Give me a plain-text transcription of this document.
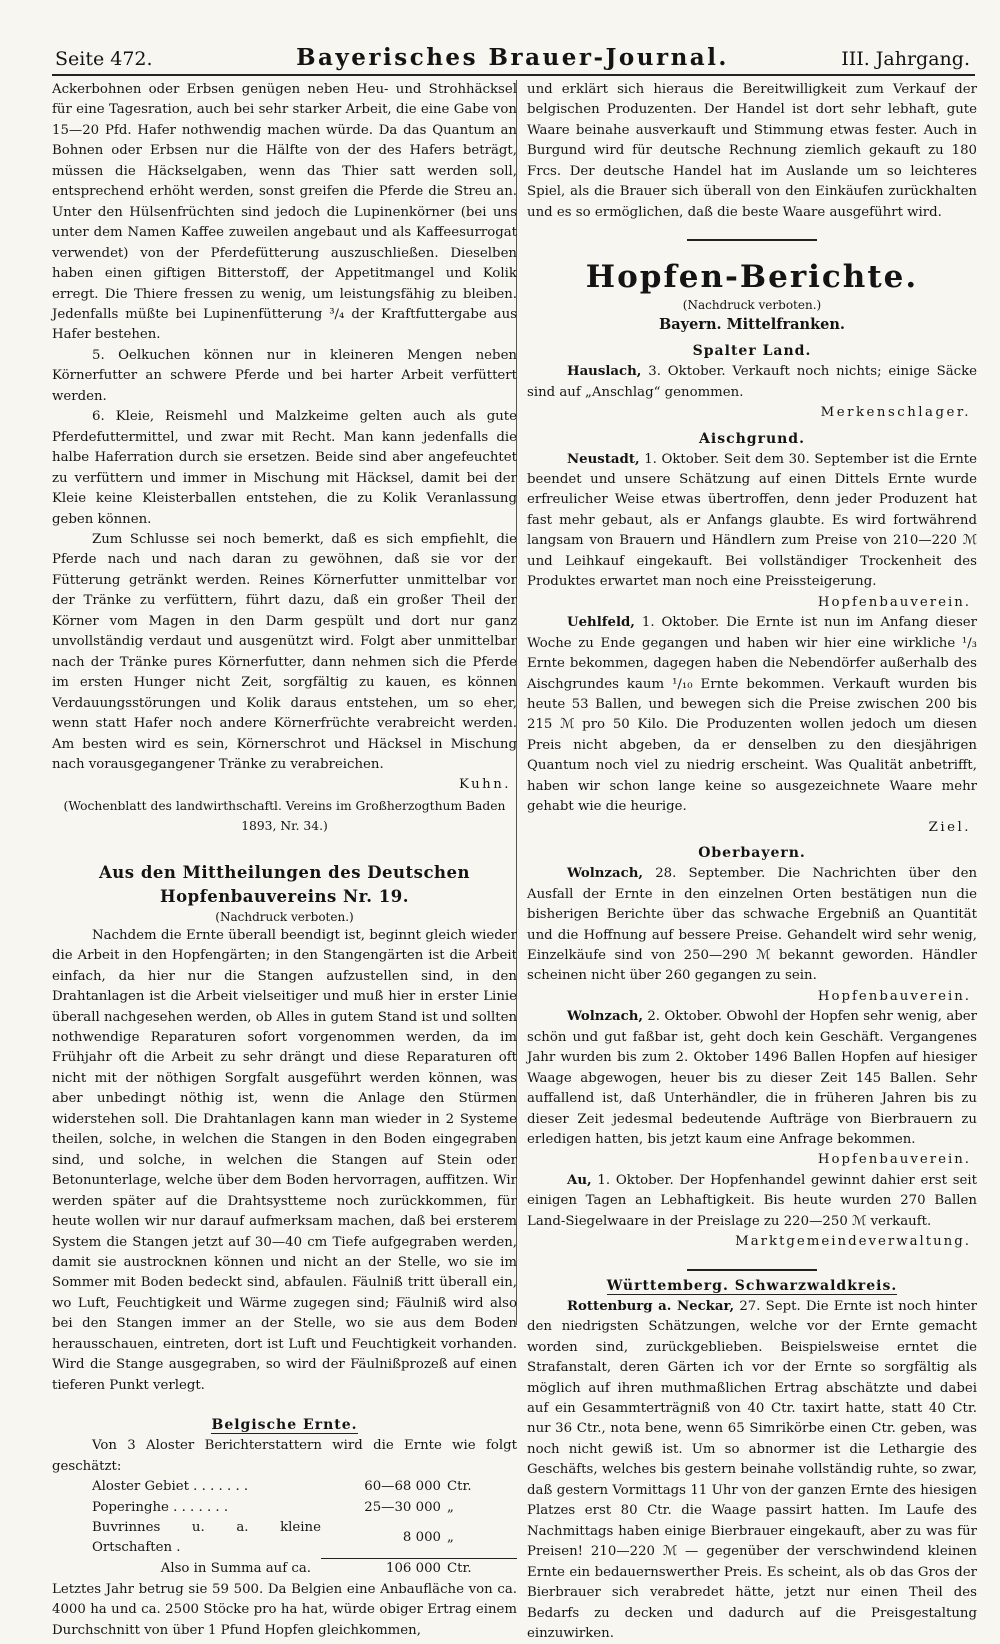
Seite 472.	Bayerisches Brauer-Journal.	III. Jahrgang.

Ackerbohnen oder Erbsen genügen neben Heu- und Strohhäcksel für eine Tagesration, auch bei sehr starker Arbeit, die eine Gabe von 15—20 Pfd. Hafer nothwendig machen würde. Da das Quantum an Bohnen oder Erbsen nur die Hälfte von der des Hafers beträgt, müssen die Häckselgaben, wenn das Thier satt werden soll, entsprechend erhöht werden, sonst greifen die Pferde die Streu an. Unter den Hülsenfrüchten sind jedoch die Lupinenkörner (bei uns unter dem Namen Kaffee zuweilen angebaut und als Kaffeesurrogat verwendet) von der Pferdefütterung auszuschließen. Dieselben haben einen giftigen Bitterstoff, der Appetitmangel und Kolik erregt. Die Thiere fressen zu wenig, um leistungsfähig zu bleiben. Jedenfalls müßte bei Lupinenfütterung ³/₄ der Kraftfuttergabe aus Hafer bestehen.

5. Oelkuchen können nur in kleineren Mengen neben Körnerfutter an schwere Pferde und bei harter Arbeit verfüttert werden.

6. Kleie, Reismehl und Malzkeime gelten auch als gute Pferdefuttermittel, und zwar mit Recht. Man kann jedenfalls die halbe Haferration durch sie ersetzen. Beide sind aber angefeuchtet zu verfüttern und immer in Mischung mit Häcksel, damit bei der Kleie keine Kleisterballen entstehen, die zu Kolik Veranlassung geben können.

Zum Schlusse sei noch bemerkt, daß es sich empfiehlt, die Pferde nach und nach daran zu gewöhnen, daß sie vor der Fütterung getränkt werden. Reines Körnerfutter unmittelbar vor der Tränke zu verfüttern, führt dazu, daß ein großer Theil der Körner vom Magen in den Darm gespült und dort nur ganz unvollständig verdaut und ausgenützt wird. Folgt aber unmittelbar nach der Tränke pures Körnerfutter, dann nehmen sich die Pferde im ersten Hunger nicht Zeit, sorgfältig zu kauen, es können Verdauungsstörungen und Kolik daraus entstehen, um so eher, wenn statt Hafer noch andere Körnerfrüchte verabreicht werden. Am besten wird es sein, Körnerschrot und Häcksel in Mischung nach vorausgegangener Tränke zu verabreichen.

Kuhn.

(Wochenblatt des landwirthschaftl. Vereins im Großherzogthum Baden

1893, Nr. 34.)

Aus den Mittheilungen des Deutschen Hopfenbauvereins Nr. 19.

(Nachdruck verboten.)

Nachdem die Ernte überall beendigt ist, beginnt gleich wieder die Arbeit in den Hopfengärten; in den Stangengärten ist die Arbeit einfach, da hier nur die Stangen aufzustellen sind, in den Drahtanlagen ist die Arbeit vielseitiger und muß hier in erster Linie überall nachgesehen werden, ob Alles in gutem Stand ist und sollten nothwendige Reparaturen sofort vorgenommen werden, da im Frühjahr oft die Arbeit zu sehr drängt und diese Reparaturen oft nicht mit der nöthigen Sorgfalt ausgeführt werden können, was aber unbedingt nöthig ist, wenn die Anlage den Stürmen widerstehen soll. Die Drahtanlagen kann man wieder in 2 Systeme theilen, solche, in welchen die Stangen in den Boden eingegraben sind, und solche, in welchen die Stangen auf Stein oder Betonunterlage, welche über dem Boden hervorragen, auffitzen. Wir werden später auf die Drahtsystteme noch zurückkommen, für heute wollen wir nur darauf aufmerksam machen, daß bei ersterem System die Stangen jetzt auf 30—40 cm Tiefe aufgegraben werden, damit sie austrocknen können und nicht an der Stelle, wo sie im Sommer mit Boden bedeckt sind, abfaulen. Fäulniß tritt überall ein, wo Luft, Feuchtigkeit und Wärme zugegen sind; Fäulniß wird also bei den Stangen immer an der Stelle, wo sie aus dem Boden herausschauen, eintreten, dort ist Luft und Feuchtigkeit vorhanden. Wird die Stange ausgegraben, so wird der Fäulnißprozeß auf einen tieferen Punkt verlegt.

Belgische Ernte.

Von 3 Aloster Berichterstattern wird die Ernte wie folgt geschätzt:

Aloster Gebiet . . . . . . .	60—68 000	Ctr.
Poperinghe . . . . . . .	25—30 000	„
Buvrinnes u. a. kleine Ortschaften .	8 000	„
Also in Summa auf ca.	106 000	Ctr.

Letztes Jahr betrug sie 59 500. Da Belgien eine Anbaufläche von ca. 4000 ha und ca. 2500 Stöcke pro ha hat, würde obiger Ertrag einem Durchschnitt von über 1 Pfund Hopfen gleichkommen,

und erklärt sich hieraus die Bereitwilligkeit zum Verkauf der belgischen Produzenten. Der Handel ist dort sehr lebhaft, gute Waare beinahe ausverkauft und Stimmung etwas fester. Auch in Burgund wird für deutsche Rechnung ziemlich gekauft zu 180 Frcs. Der deutsche Handel hat im Auslande um so leichteres Spiel, als die Brauer sich überall von den Einkäufen zurückhalten und es so ermöglichen, daß die beste Waare ausgeführt wird.

Hopfen-Berichte.

(Nachdruck verboten.)

Bayern. Mittelfranken.
Spalter Land.

Hauslach, 3. Oktober. Verkauft noch nichts; einige Säcke sind auf „Anschlag“ genommen.

Merkenschlager.

Aischgrund.

Neustadt, 1. Oktober. Seit dem 30. September ist die Ernte beendet und unsere Schätzung auf einen Dittels Ernte wurde erfreulicher Weise etwas übertroffen, denn jeder Produzent hat fast mehr gebaut, als er Anfangs glaubte. Es wird fortwährend langsam von Brauern und Händlern zum Preise von 210—220 ℳ und Leihkauf eingekauft. Bei vollständiger Trockenheit des Produktes erwartet man noch eine Preissteigerung.

Hopfenbauverein.

Uehlfeld, 1. Oktober. Die Ernte ist nun im Anfang dieser Woche zu Ende gegangen und haben wir hier eine wirkliche ¹/₃ Ernte bekommen, dagegen haben die Nebendörfer außerhalb des Aischgrundes kaum ¹/₁₀ Ernte bekommen. Verkauft wurden bis heute 53 Ballen, und bewegen sich die Preise zwischen 200 bis 215 ℳ pro 50 Kilo. Die Produzenten wollen jedoch um diesen Preis nicht abgeben, da er denselben zu den diesjährigen Quantum noch viel zu niedrig erscheint. Was Qualität anbetrifft, haben wir schon lange keine so ausgezeichnete Waare mehr gehabt wie die heurige.

Ziel.

Oberbayern.

Wolnzach, 28. September. Die Nachrichten über den Ausfall der Ernte in den einzelnen Orten bestätigen nun die bisherigen Berichte über das schwache Ergebniß an Quantität und die Hoffnung auf bessere Preise. Gehandelt wird sehr wenig, Einzelkäufe sind von 250—290 ℳ bekannt geworden. Händler scheinen nicht über 260 gegangen zu sein.

Hopfenbauverein.

Wolnzach, 2. Oktober. Obwohl der Hopfen sehr wenig, aber schön und gut faßbar ist, geht doch kein Geschäft. Vergangenes Jahr wurden bis zum 2. Oktober 1496 Ballen Hopfen auf hiesiger Waage abgewogen, heuer bis zu dieser Zeit 145 Ballen. Sehr auffallend ist, daß Unterhändler, die in früheren Jahren bis zu dieser Zeit jedesmal bedeutende Aufträge von Bierbrauern zu erledigen hatten, bis jetzt kaum eine Anfrage bekommen.

Hopfenbauverein.

Au, 1. Oktober. Der Hopfenhandel gewinnt dahier erst seit einigen Tagen an Lebhaftigkeit. Bis heute wurden 270 Ballen Land-Siegelwaare in der Preislage zu 220—250 ℳ verkauft.

Marktgemeindeverwaltung.

Württemberg. Schwarzwaldkreis.

Rottenburg a. Neckar, 27. Sept. Die Ernte ist noch hinter den niedrigsten Schätzungen, welche vor der Ernte gemacht worden sind, zurückgeblieben. Beispielsweise erntet die Strafanstalt, deren Gärten ich vor der Ernte so sorgfältig als möglich auf ihren muthmaßlichen Ertrag abschätzte und dabei auf ein Gesammterträgniß von 40 Ctr. taxirt hatte, statt 40 Ctr. nur 36 Ctr., nota bene, wenn 65 Simrikörbe einen Ctr. geben, was noch nicht gewiß ist. Um so abnormer ist die Lethargie des Geschäfts, welches bis gestern beinahe vollständig ruhte, so zwar, daß gestern Vormittags 11 Uhr von der ganzen Ernte des hiesigen Platzes erst 80 Ctr. die Waage passirt hatten. Im Laufe des Nachmittags haben einige Bierbrauer eingekauft, aber zu was für Preisen! 210—220 ℳ — gegenüber der verschwindend kleinen Ernte ein bedauernswerther Preis. Es scheint, als ob das Gros der Bierbrauer sich verabredet hätte, jetzt nur einen Theil des Bedarfs zu decken und dadurch auf die Preisgestaltung einzuwirken.
